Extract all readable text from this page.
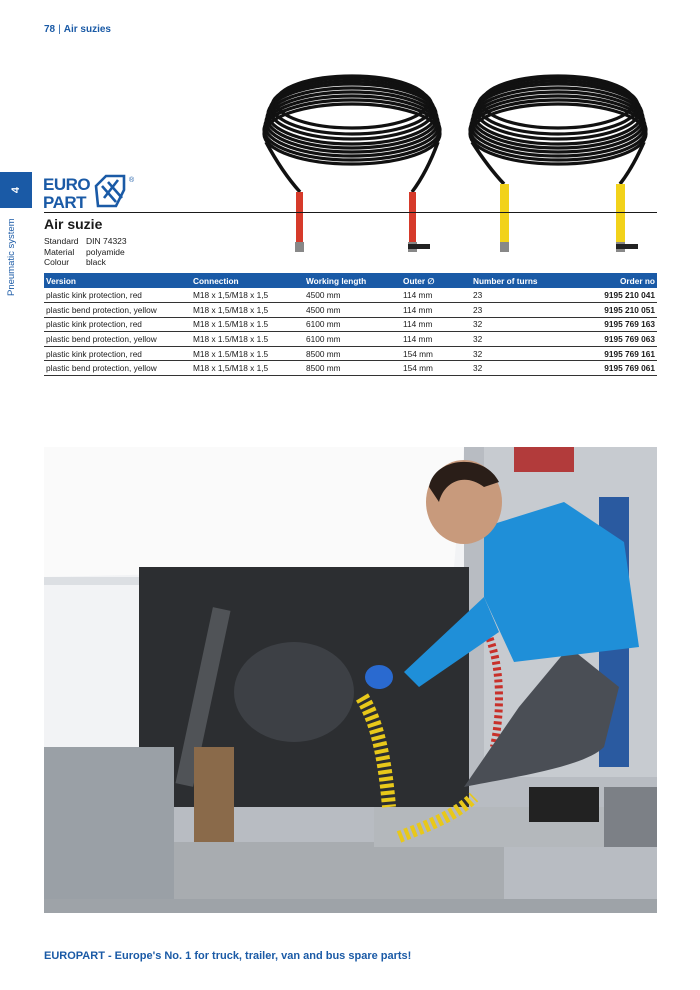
78 | Air suzies
4
Pneumatic system
EURO
PART
®
Air suzie
Standard DIN 74323
Material	polyamide
Colour	black
Version	Connection	Working length	Outer ∅	Number of turns	Order no
plastic kink protection, red	M18 x 1,5/M18 x 1,5	4500 mm	114 mm	23	9195 210 041
plastic bend protection, yellow	M18 x 1,5/M18 x 1,5	4500 mm	114 mm	23	9195 210 051
plastic kink protection, red	M18 x 1.5/M18 x 1.5	6100 mm	114 mm	32	9195 769 163
plastic bend protection, yellow	M18 x 1.5/M18 x 1.5	6100 mm	114 mm	32	9195 769 063
plastic kink protection, red	M18 x 1.5/M18 x 1.5	8500 mm	154 mm	32	9195 769 161
plastic bend protection, yellow	M18 x 1,5/M18 x 1,5	8500 mm	154 mm	32	9195 769 061
EUROPART - Europe's No. 1 for truck, trailer, van and bus spare parts!
